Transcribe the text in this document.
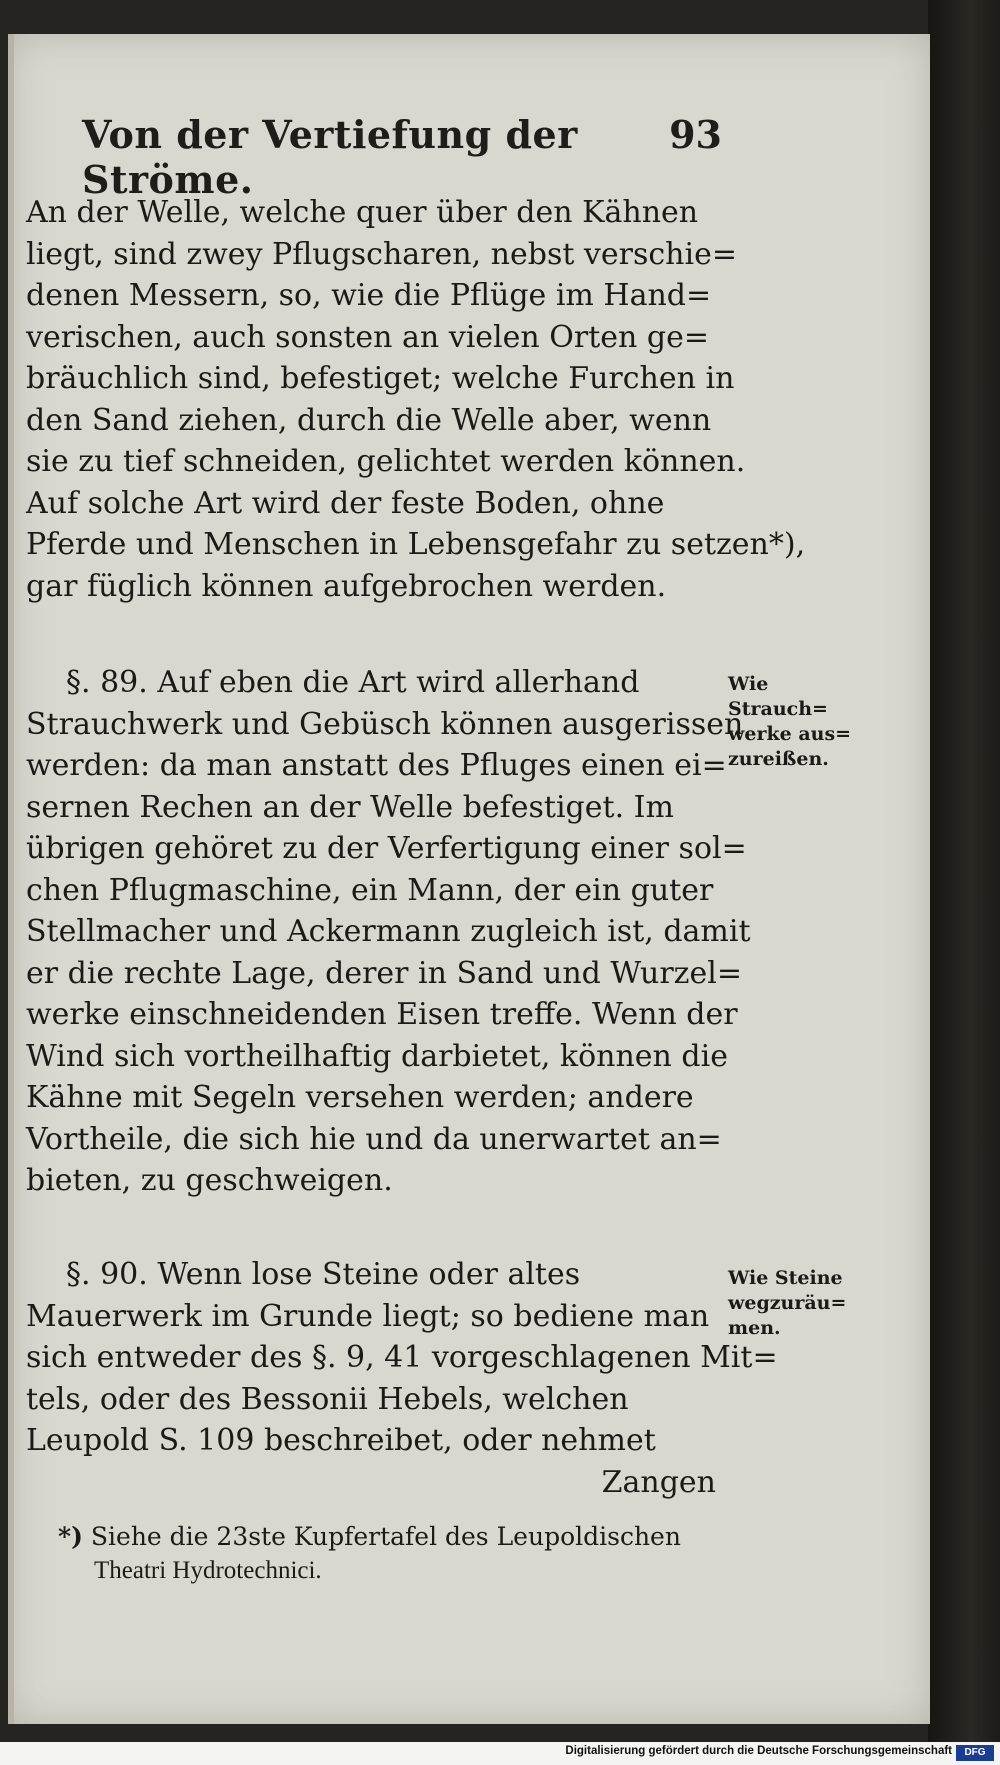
Von der Vertiefung der Ströme.
93
An der Welle, welche quer über den Kähnen
liegt, sind zwey Pflugscharen, nebst verschie=
denen Messern, so, wie die Pflüge im Hand=
verischen, auch sonsten an vielen Orten ge=
bräuchlich sind, befestiget; welche Furchen in
den Sand ziehen, durch die Welle aber, wenn
sie zu tief schneiden, gelichtet werden können.
Auf solche Art wird der feste Boden, ohne
Pferde und Menschen in Lebensgefahr zu setzen*),
gar füglich können aufgebrochen werden.
§. 89. Auf eben die Art wird allerhand
Strauchwerk und Gebüsch können ausgerissen
werden: da man anstatt des Pfluges einen ei=
sernen Rechen an der Welle befestiget. Im
übrigen gehöret zu der Verfertigung einer sol=
chen Pflugmaschine, ein Mann, der ein guter
Stellmacher und Ackermann zugleich ist, damit
er die rechte Lage, derer in Sand und Wurzel=
werke einschneidenden Eisen treffe. Wenn der
Wind sich vortheilhaftig darbietet, können die
Kähne mit Segeln versehen werden; andere
Vortheile, die sich hie und da unerwartet an=
bieten, zu geschweigen.
§. 90. Wenn lose Steine oder altes
Mauerwerk im Grunde liegt; so bediene man
sich entweder des §. 9, 41 vorgeschlagenen Mit=
tels, oder des Bessonii Hebels, welchen
Leupold S. 109 beschreibet, oder nehmet
Zangen
Wie
Strauch=
werke aus=
zureißen.
Wie Steine
wegzuräu=
men.
*) Siehe die 23ste Kupfertafel des Leupoldischen
Theatri Hydrotechnici.
Digitalisierung gefördert durch die Deutsche Forschungsgemeinschaft	DFG
